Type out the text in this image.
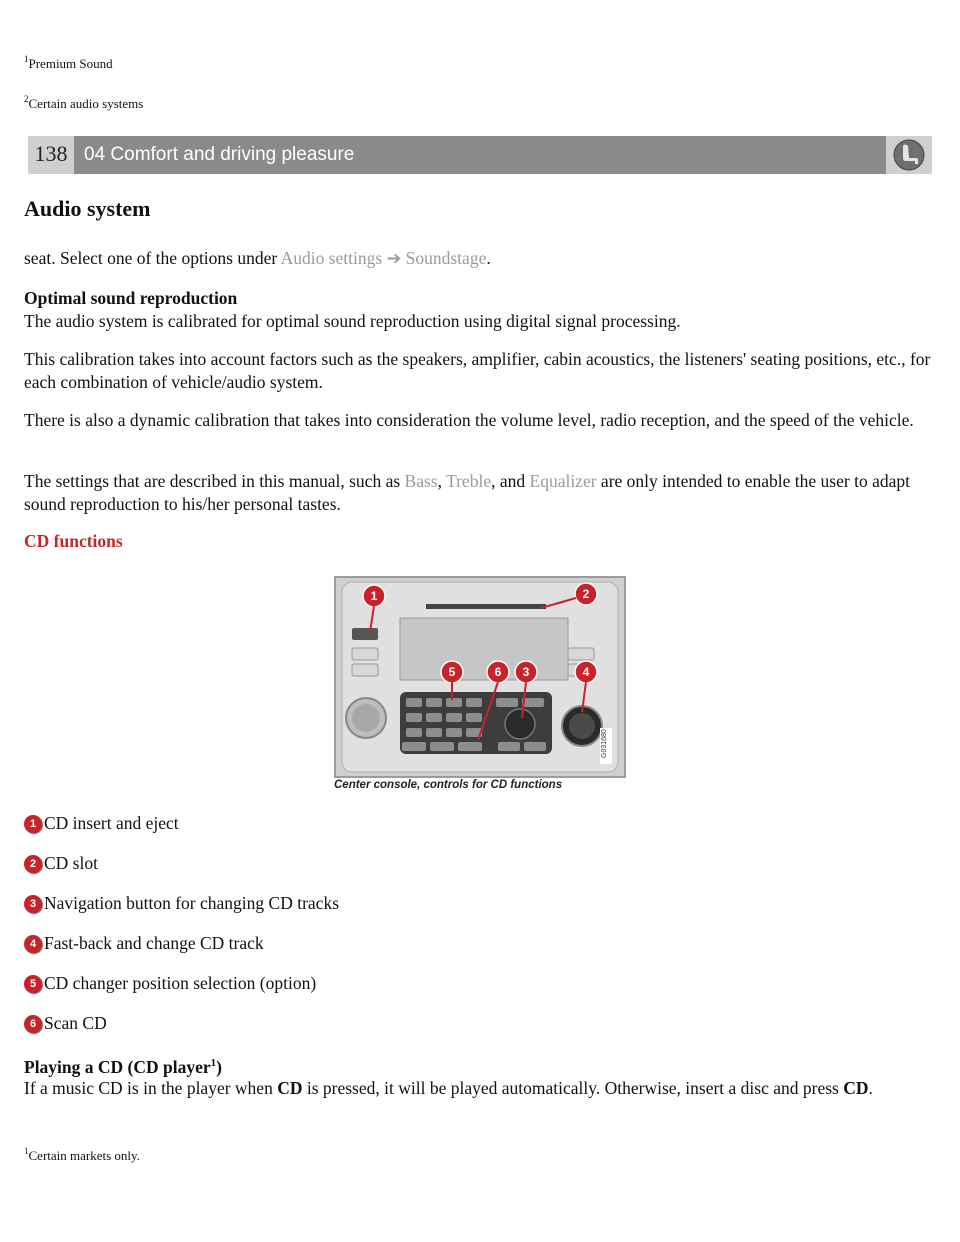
$^1$Premium Sound
$^2$Certain audio systems
138 04 Comfort and driving pleasure
Audio system

seat. Select one of the options under Audio settings ➔ Soundstage.

Optimal sound reproduction

The audio system is calibrated for optimal sound reproduction using digital signal processing.

This calibration takes into account factors such as the speakers, amplifier, cabin acoustics, the listeners' seating positions, etc., for each combination of vehicle/audio system.

There is also a dynamic calibration that takes into consideration the volume level, radio reception, and the speed of the vehicle.

The settings that are described in this manual, such as Bass, Treble, and Equalizer are only intended to enable the user to adapt sound reproduction to his/her personal tastes.

CD functions
1	2
3	4
5	6
G031680
Center console, controls for CD functions
1 CD insert and eject
2 CD slot
3 Navigation button for changing CD tracks
4 Fast-back and change CD track
5 CD changer position selection (option)
6 Scan CD
Playing a CD (CD player$^1$)

If a music CD is in the player when CD is pressed, it will be played automatically. Otherwise, insert a disc and press CD.

$^1$Certain markets only.
